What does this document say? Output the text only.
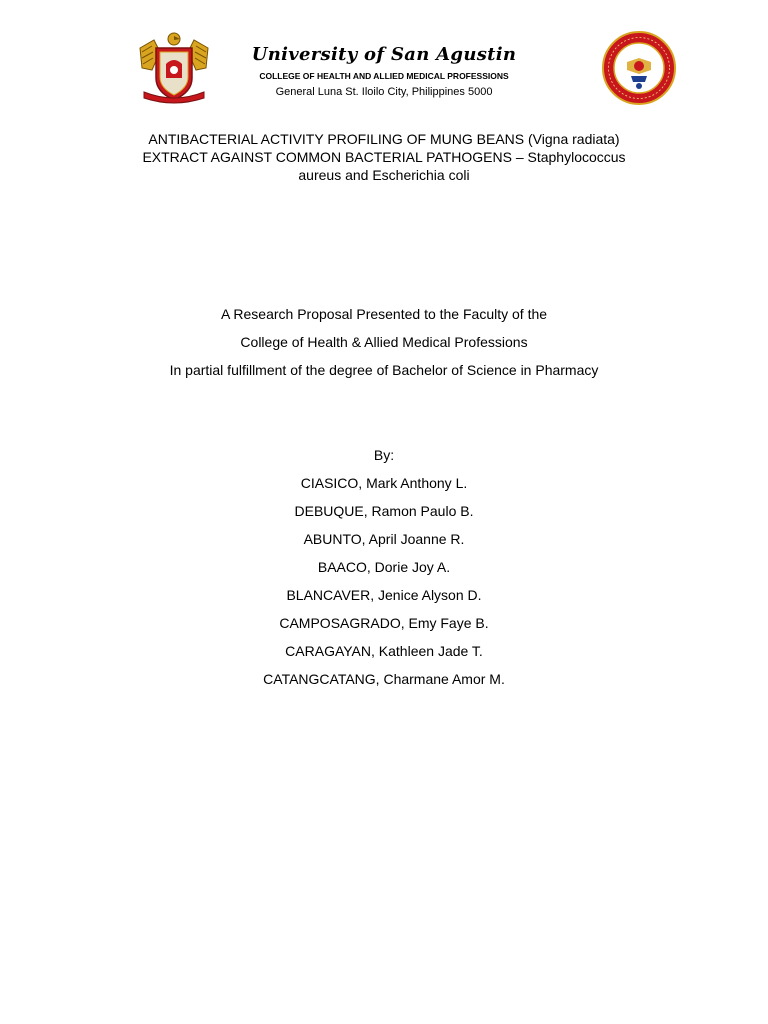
University of San Agustin
COLLEGE OF HEALTH AND ALLIED MEDICAL PROFESSIONS
General Luna St. Iloilo City, Philippines 5000
ANTIBACTERIAL ACTIVITY PROFILING OF MUNG BEANS (Vigna radiata)
EXTRACT AGAINST COMMON BACTERIAL PATHOGENS – Staphylococcus
aureus and Escherichia coli
A Research Proposal Presented to the Faculty of the
College of Health & Allied Medical Professions
In partial fulfillment of the degree of Bachelor of Science in Pharmacy
By:
CIASICO, Mark Anthony L.
DEBUQUE, Ramon Paulo B.
ABUNTO, April Joanne R.
BAACO, Dorie Joy A.
BLANCAVER, Jenice Alyson D.
CAMPOSAGRADO, Emy Faye B.
CARAGAYAN, Kathleen Jade T.
CATANGCATANG, Charmane Amor M.
